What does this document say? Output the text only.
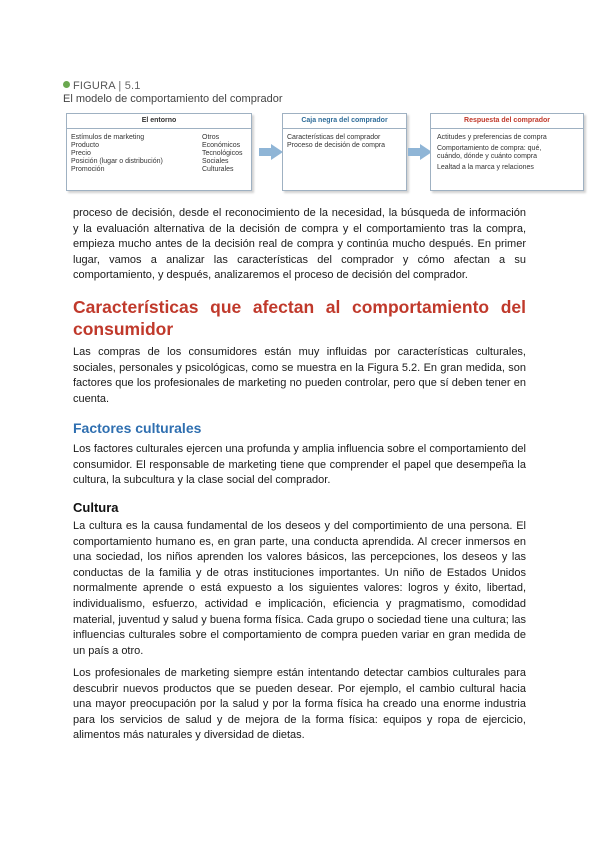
FIGURA | 5.1
El modelo de comportamiento del comprador
El entorno
Estímulos de marketing
Producto
Precio
Posición (lugar o distribución)
Promoción
Otros
Económicos
Tecnológicos
Sociales
Culturales
Caja negra del comprador
Características del comprador
Proceso de decisión de compra
Respuesta del comprador
Actitudes y preferencias de compra
Comportamiento de compra: qué,
cuándo, dónde y cuánto compra
Lealtad a la marca y relaciones

proceso de decisión, desde el reconocimiento de la necesidad, la búsqueda de información y la evaluación alternativa de la decisión de compra y el comportamiento tras la compra, empieza mucho antes de la decisión real de compra y continúa mucho después. En primer lugar, vamos a analizar las características del comprador y cómo afectan a su comportamiento, y después, analizaremos el proceso de decisión del comprador.

Características que afectan al comportamiento del consumidor

Las compras de los consumidores están muy influidas por características culturales, sociales, personales y psicológicas, como se muestra en la Figura 5.2. En gran medida, son factores que los profesionales de marketing no pueden controlar, pero que sí deben tener en cuenta.

Factores culturales

Los factores culturales ejercen una profunda y amplia influencia sobre el comportamiento del consumidor. El responsable de marketing tiene que comprender el papel que desempeña la cultura, la subcultura y la clase social del comprador.

Cultura

La cultura es la causa fundamental de los deseos y del comportimiento de una persona. El comportamiento humano es, en gran parte, una conducta aprendida. Al crecer inmersos en una sociedad, los niños aprenden los valores básicos, las percepciones, los deseos y las conductas de la familia y de otras instituciones importantes. Un niño de Estados Unidos normalmente aprende o está expuesto a los siguientes valores: logros y éxito, libertad, individualismo, esfuerzo, actividad e implicación, eficiencia y pragmatismo, comodidad material, juventud y salud y buena forma física. Cada grupo o sociedad tiene una cultura; las influencias culturales sobre el comportamiento de compra pueden variar en gran medida de un país a otro.

Los profesionales de marketing siempre están intentando detectar cambios culturales para descubrir nuevos productos que se pueden desear. Por ejemplo, el cambio cultural hacia una mayor preocupación por la salud y por la forma física ha creado una enorme industria para los servicios de salud y de mejora de la forma física: equipos y ropa de ejercicio, alimentos más naturales y diversidad de dietas.
